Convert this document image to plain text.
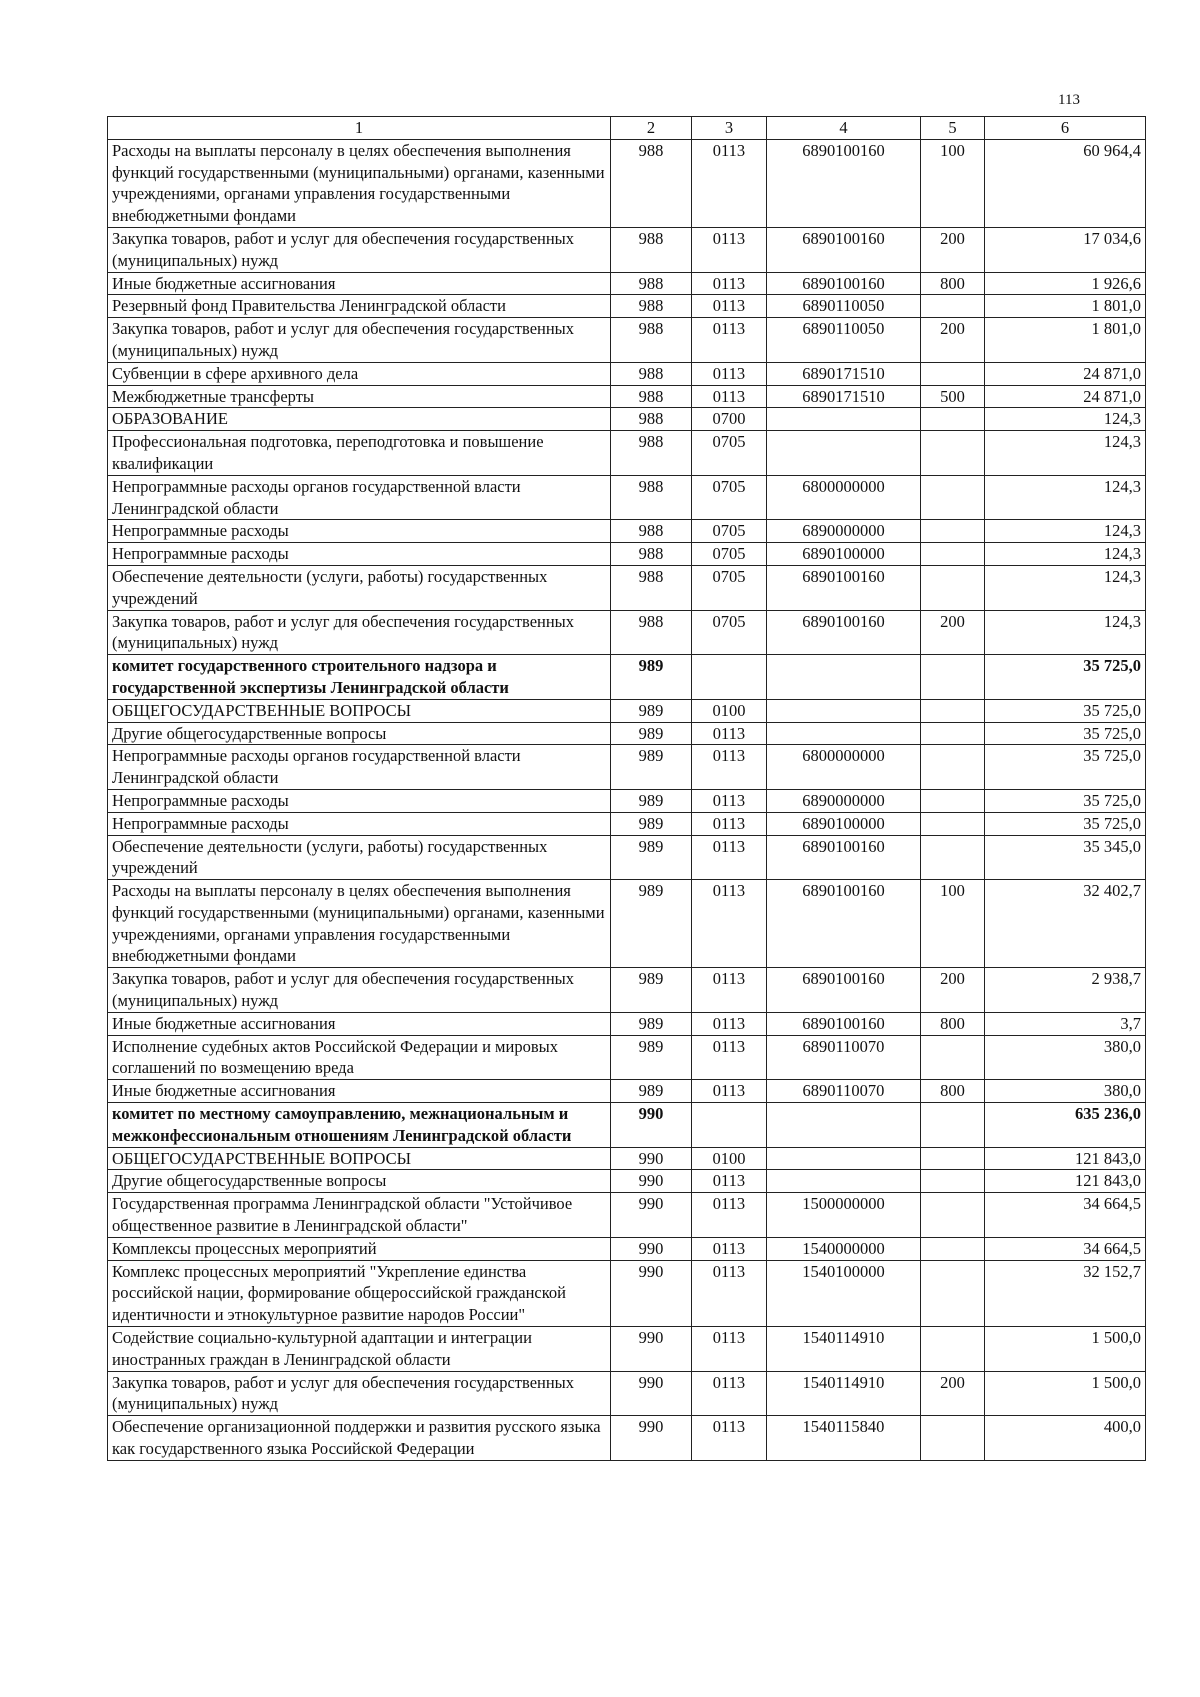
113
1	2	3	4	5	6
Расходы на выплаты персоналу в целях обеспечения выполнения функций государственными (муниципальными) органами, казенными учреждениями, органами управления государственными внебюджетными фондами	988	0113	6890100160	100	60 964,4
Закупка товаров, работ и услуг для обеспечения государственных (муниципальных) нужд	988	0113	6890100160	200	17 034,6
Иные бюджетные ассигнования	988	0113	6890100160	800	1 926,6
Резервный фонд Правительства Ленинградской области	988	0113	6890110050		1 801,0
Закупка товаров, работ и услуг для обеспечения государственных (муниципальных) нужд	988	0113	6890110050	200	1 801,0
Субвенции в сфере архивного дела	988	0113	6890171510		24 871,0
Межбюджетные трансферты	988	0113	6890171510	500	24 871,0
ОБРАЗОВАНИЕ	988	0700			124,3
Профессиональная подготовка, переподготовка и повышение квалификации	988	0705			124,3
Непрограммные расходы органов государственной власти Ленинградской области	988	0705	6800000000		124,3
Непрограммные расходы	988	0705	6890000000		124,3
Непрограммные расходы	988	0705	6890100000		124,3
Обеспечение деятельности (услуги, работы) государственных учреждений	988	0705	6890100160		124,3
Закупка товаров, работ и услуг для обеспечения государственных (муниципальных) нужд	988	0705	6890100160	200	124,3
комитет государственного строительного надзора и государственной экспертизы Ленинградской области	989				35 725,0
ОБЩЕГОСУДАРСТВЕННЫЕ ВОПРОСЫ	989	0100			35 725,0
Другие общегосударственные вопросы	989	0113			35 725,0
Непрограммные расходы органов государственной власти Ленинградской области	989	0113	6800000000		35 725,0
Непрограммные расходы	989	0113	6890000000		35 725,0
Непрограммные расходы	989	0113	6890100000		35 725,0
Обеспечение деятельности (услуги, работы) государственных учреждений	989	0113	6890100160		35 345,0
Расходы на выплаты персоналу в целях обеспечения выполнения функций государственными (муниципальными) органами, казенными учреждениями, органами управления государственными внебюджетными фондами	989	0113	6890100160	100	32 402,7
Закупка товаров, работ и услуг для обеспечения государственных (муниципальных) нужд	989	0113	6890100160	200	2 938,7
Иные бюджетные ассигнования	989	0113	6890100160	800	3,7
Исполнение судебных актов Российской Федерации и мировых соглашений по возмещению вреда	989	0113	6890110070		380,0
Иные бюджетные ассигнования	989	0113	6890110070	800	380,0
комитет по местному самоуправлению, межнациональным и межконфессиональным отношениям Ленинградской области	990				635 236,0
ОБЩЕГОСУДАРСТВЕННЫЕ ВОПРОСЫ	990	0100			121 843,0
Другие общегосударственные вопросы	990	0113			121 843,0
Государственная программа Ленинградской области "Устойчивое общественное развитие в Ленинградской области"	990	0113	1500000000		34 664,5
Комплексы процессных мероприятий	990	0113	1540000000		34 664,5
Комплекс процессных мероприятий "Укрепление единства российской нации, формирование общероссийской гражданской идентичности и этнокультурное развитие народов России"	990	0113	1540100000		32 152,7
Содействие социально-культурной адаптации и интеграции иностранных граждан в Ленинградской области	990	0113	1540114910		1 500,0
Закупка товаров, работ и услуг для обеспечения государственных (муниципальных) нужд	990	0113	1540114910	200	1 500,0
Обеспечение организационной поддержки и развития русского языка как государственного языка Российской Федерации	990	0113	1540115840		400,0
